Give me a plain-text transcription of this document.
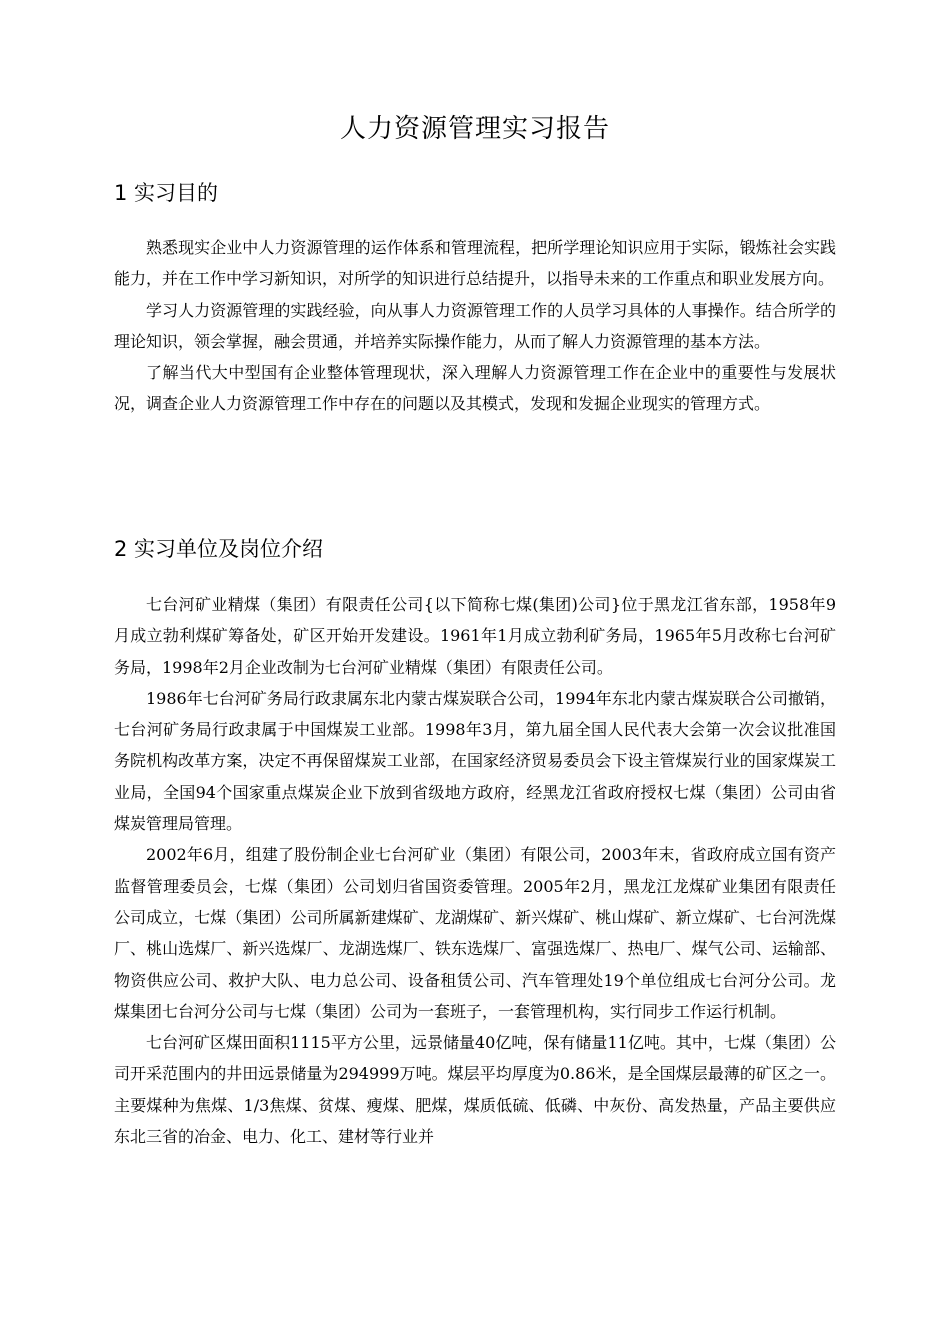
人力资源管理实习报告
1 实习目的

熟悉现实企业中人力资源管理的运作体系和管理流程，把所学理论知识应用于实际，锻炼社会实践能力，并在工作中学习新知识，对所学的知识进行总结提升，以指导未来的工作重点和职业发展方向。

学习人力资源管理的实践经验，向从事人力资源管理工作的人员学习具体的人事操作。结合所学的理论知识，领会掌握，融会贯通，并培养实际操作能力，从而了解人力资源管理的基本方法。

了解当代大中型国有企业整体管理现状，深入理解人力资源管理工作在企业中的重要性与发展状况，调查企业人力资源管理工作中存在的问题以及其模式，发现和发掘企业现实的管理方式。

2 实习单位及岗位介绍

七台河矿业精煤（集团）有限责任公司{以下简称七煤(集团)公司}位于黑龙江省东部，1958年9月成立勃利煤矿筹备处，矿区开始开发建设。1961年1月成立勃利矿务局，1965年5月改称七台河矿务局，1998年2月企业改制为七台河矿业精煤（集团）有限责任公司。

1986年七台河矿务局行政隶属东北内蒙古煤炭联合公司，1994年东北内蒙古煤炭联合公司撤销，七台河矿务局行政隶属于中国煤炭工业部。1998年3月，第九届全国人民代表大会第一次会议批准国务院机构改革方案，决定不再保留煤炭工业部，在国家经济贸易委员会下设主管煤炭行业的国家煤炭工业局，全国94个国家重点煤炭企业下放到省级地方政府，经黑龙江省政府授权七煤（集团）公司由省煤炭管理局管理。

2002年6月，组建了股份制企业七台河矿业（集团）有限公司，2003年末，省政府成立国有资产监督管理委员会，七煤（集团）公司划归省国资委管理。2005年2月，黑龙江龙煤矿业集团有限责任公司成立，七煤（集团）公司所属新建煤矿、龙湖煤矿、新兴煤矿、桃山煤矿、新立煤矿、七台河洗煤厂、桃山选煤厂、新兴选煤厂、龙湖选煤厂、铁东选煤厂、富强选煤厂、热电厂、煤气公司、运输部、物资供应公司、救护大队、电力总公司、设备租赁公司、汽车管理处19个单位组成七台河分公司。龙煤集团七台河分公司与七煤（集团）公司为一套班子，一套管理机构，实行同步工作运行机制。

七台河矿区煤田面积1115平方公里，远景储量40亿吨，保有储量11亿吨。其中，七煤（集团）公司开采范围内的井田远景储量为294999万吨。煤层平均厚度为0.86米，是全国煤层最薄的矿区之一。主要煤种为焦煤、1/3焦煤、贫煤、瘦煤、肥煤，煤质低硫、低磷、中灰份、高发热量，产品主要供应东北三省的冶金、电力、化工、建材等行业并
